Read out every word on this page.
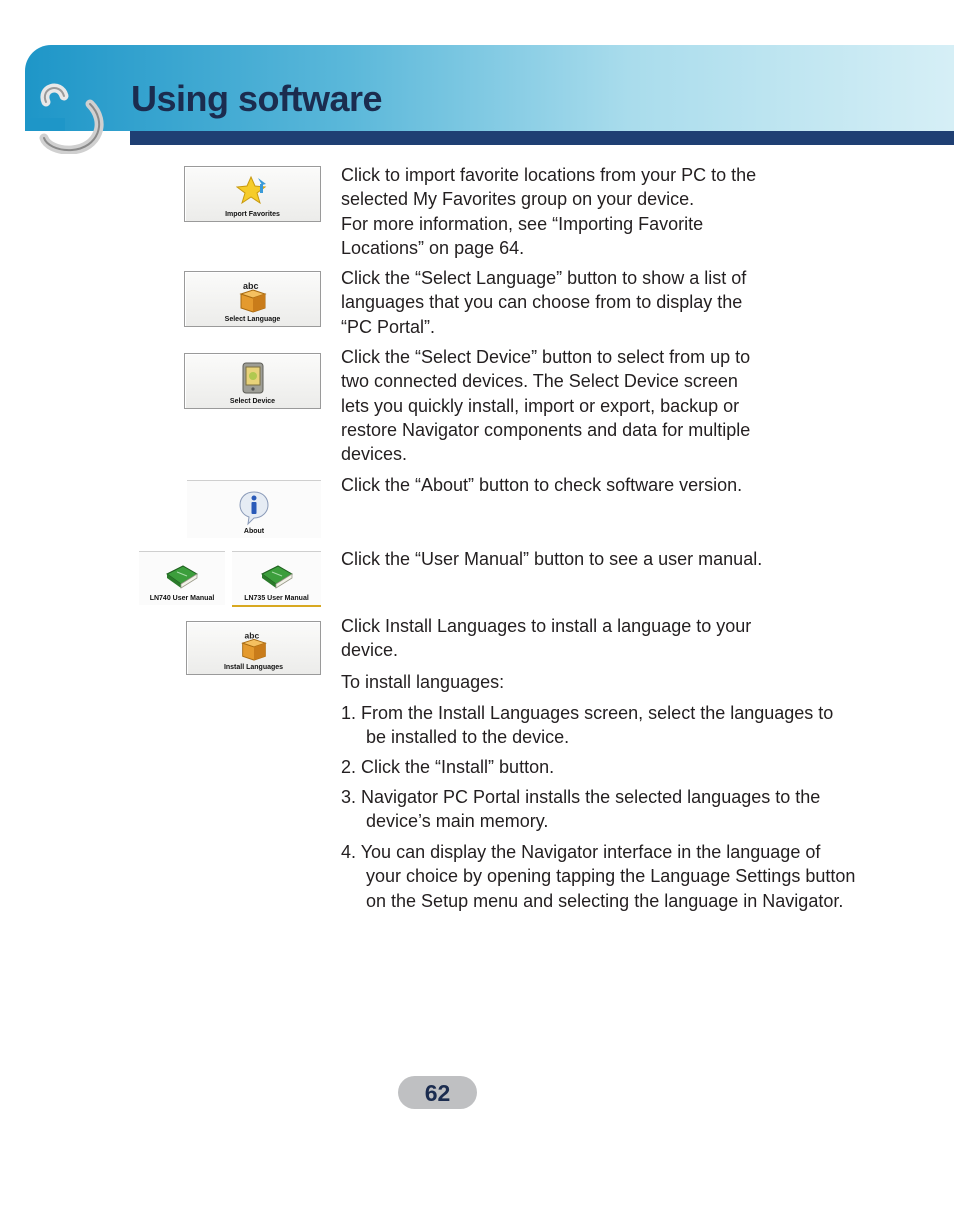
Using software
Import Favorites

Click to import favorite locations from your PC to the
selected My Favorites group on your device.
For more information, see “Importing Favorite
Locations” on page 64.

abc
Select Language

Click the “Select Language” button to show a list of
languages that you can choose from to display the
“PC Portal”.

Select Device

Click the “Select Device” button to select from up to
two connected devices. The Select Device screen
lets you quickly install, import or export, backup or
restore Navigator components and data for multiple
devices.

About

Click the “About” button to check software version.

LN740 User Manual	LN735 User Manual

Click the “User Manual” button to see a user manual.

abc
Install Languages

Click Install Languages to install a language to your
device.

To install languages:

1. From the Install Languages screen, select the languages to be installed to the device.

2. Click the “Install” button.

3. Navigator PC Portal installs the selected languages to the device’s main memory.

4. You can display the Navigator interface in the language of your choice by opening tapping the Language Settings button on the Setup menu and selecting the language in Navigator.

62
